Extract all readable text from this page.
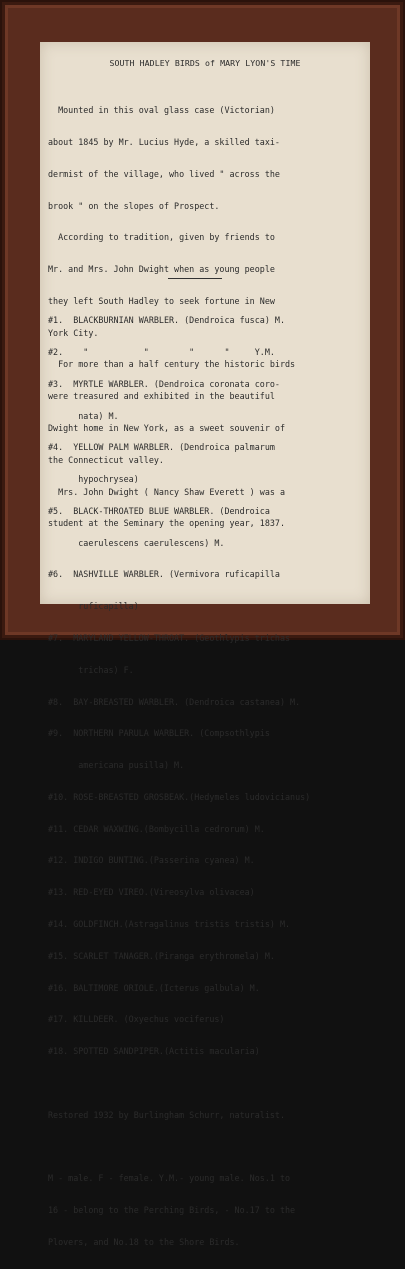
SOUTH HADLEY BIRDS of MARY LYON'S TIME

Mounted in this oval glass case (Victorian)

about 1845 by Mr. Lucius Hyde, a skilled taxi-

dermist of the village, who lived " across the

brook " on the slopes of Prospect.

According to tradition, given by friends to

Mr. and Mrs. John Dwight when as young people

they left South Hadley to seek fortune in New

York City.

For more than a half century the historic birds

were treasured and exhibited in the beautiful

Dwight home in New York, as a sweet souvenir of

the Connecticut valley.

Mrs. John Dwight ( Nancy Shaw Everett ) was a

student at the Seminary the opening year, 1837.

#1.  BLACKBURNIAN WARBLER. (Dendroica fusca) M.

#2.    "           "        "      "     Y.M.

#3.  MYRTLE WARBLER. (Dendroica coronata coro-

nata) M.

#4.  YELLOW PALM WARBLER. (Dendroica palmarum

hypochrysea)

#5.  BLACK-THROATED BLUE WARBLER. (Dendroica

caerulescens caerulescens) M.

#6.  NASHVILLE WARBLER. (Vermivora ruficapilla

ruficapilla)

#7.  MARYLAND YELLOW-THROAT. (Geothlypis trichas

trichas) F.

#8.  BAY-BREASTED WARBLER. (Dendroica castanea) M.

#9.  NORTHERN PARULA WARBLER. (Compsothlypis

americana pusilla) M.

#10. ROSE-BREASTED GROSBEAK.(Hedymeles ludovicianus)

#11. CEDAR WAXWING.(Bombycilla cedrorum) M.

#12. INDIGO BUNTING.(Passerina cyanea) M.

#13. RED-EYED VIREO.(Vireosylva olivacea)

#14. GOLDFINCH.(Astragalinus tristis tristis) M.

#15. SCARLET TANAGER.(Piranga erythromela) M.

#16. BALTIMORE ORIOLE.(Icterus galbula) M.

#17. KILLDEER. (Oxyechus vociferus)

#18. SPOTTED SANDPIPER.(Actitis macularia)

Restored 1932 by Burlingham Schurr, naturalist.

M - male. F - female. Y.M.- young male. Nos.1 to

16 - belong to the Perching Birds, - No.17 to the

Plovers, and No.18 to the Shore Birds.
